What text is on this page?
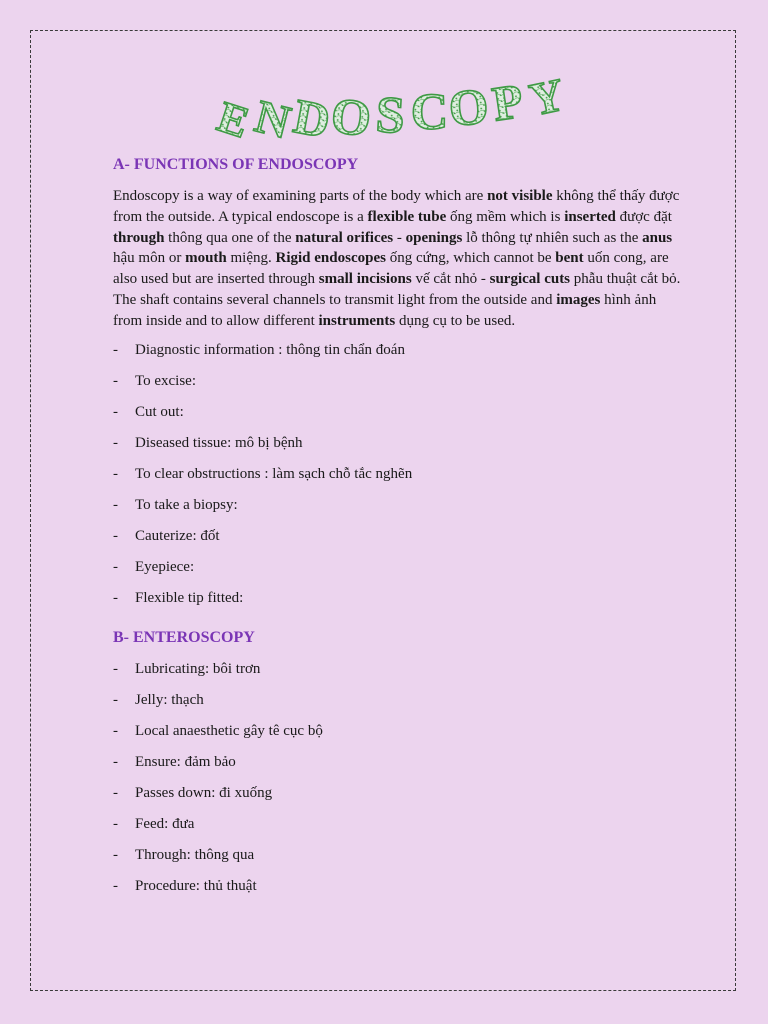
E
N
D
O S C
O
P
Y
A- FUNCTIONS OF ENDOSCOPY

Endoscopy is a way of examining parts of the body which are not visible không thể thấy được from the outside. A typical endoscope is a flexible tube ống mềm which is inserted được đặt through thông qua one of the natural orifices - openings lỗ thông tự nhiên such as the anus hậu môn or mouth miệng. Rigid endoscopes ống cứng, which cannot be bent uốn cong, are also used but are inserted through small incisions vế cắt nhỏ - surgical cuts phẫu thuật cắt bỏ. The shaft contains several channels to transmit light from the outside and images hình ảnh from inside and to allow different instruments dụng cụ to be used.

-	Diagnostic information : thông tin chẩn đoán
-	To excise:
-	Cut out:
-	Diseased tissue: mô bị bệnh
-	To clear obstructions : làm sạch chỗ tắc nghẽn
-	To take a biopsy:
-	Cauterize: đốt
-	Eyepiece:
-	Flexible tip fitted:
B- ENTEROSCOPY
-	Lubricating: bôi trơn
-	Jelly: thạch
-	Local anaesthetic gây tê cục bộ
-	Ensure: đảm bảo
-	Passes down: đi xuống
-	Feed: đưa
-	Through: thông qua
-	Procedure: thủ thuật
